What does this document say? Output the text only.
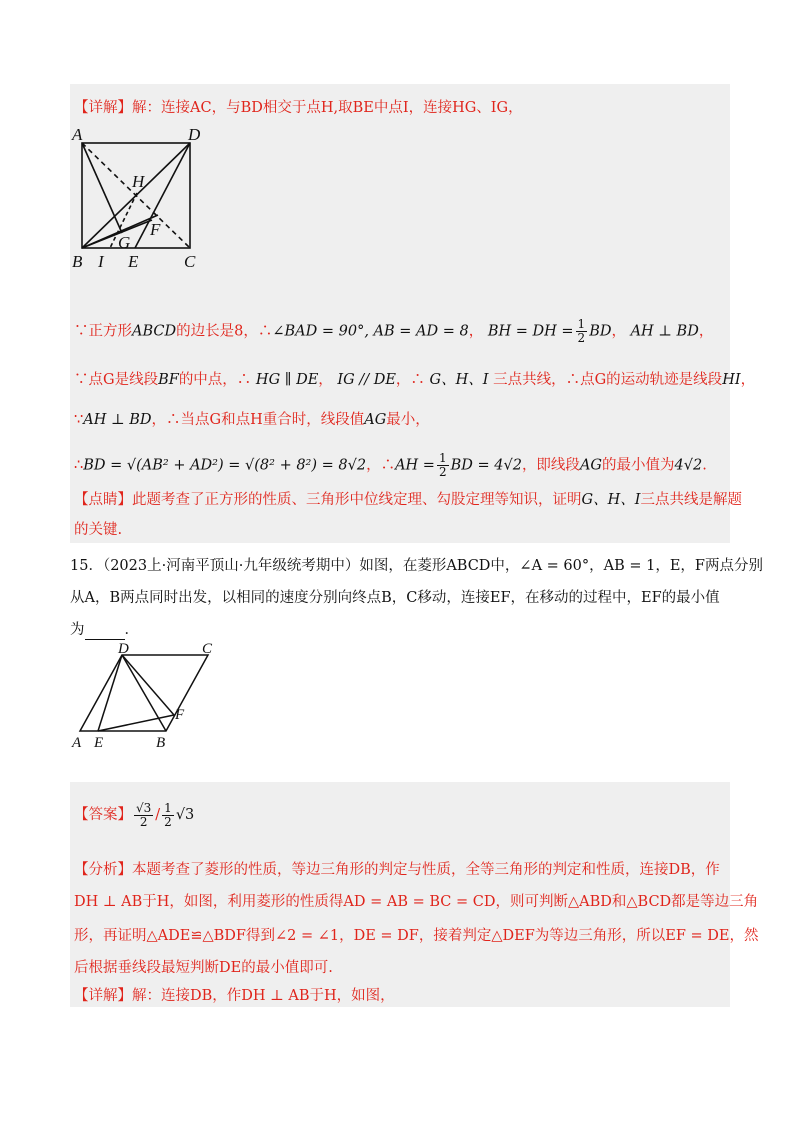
【详解】解：连接AC，与BD相交于点H,取BE中点I，连接HG、IG，
A	D
H
F
G
B I E	C
∵正方形ABCD的边长是8，∴∠BAD = 90°, AB = AD = 8， BH = DH = $\frac{1}{2}$ BD， AH ⊥ BD，
∵点G是线段BF的中点，∴ HG ∥ DE， IG // DE，∴ G、H、I 三点共线，∴点G的运动轨迹是线段HI，
∵AH ⊥ BD，∴当点G和点H重合时，线段值AG最小，
∴BD = √(AB² + AD²) = √(8² + 8²) = 8√2，∴AH = $\frac{1}{2}$ BD = 4√2，即线段AG的最小值为4√2.
【点睛】此题考查了正方形的性质、三角形中位线定理、勾股定理等知识，证明G、H、I三点共线是解题
的关键.
15．（2023上·河南平顶山·九年级统考期中）如图，在菱形ABCD中，∠A = 60°，AB = 1，E，F两点分别
从A，B两点同时出发，以相同的速度分别向终点B，C移动，连接EF，在移动的过程中，EF的最小值
为	．
D	C
F
A E	B
【答案】 $\frac{√3}{2} / \frac{1}{2} √3$
【分析】本题考查了菱形的性质，等边三角形的判定与性质，全等三角形的判定和性质，连接DB，作
DH ⊥ AB于H，如图，利用菱形的性质得AD = AB = BC = CD，则可判断△ABD和△BCD都是等边三角
形，再证明△ADE≌△BDF得到∠2 = ∠1，DE = DF，接着判定△DEF为等边三角形，所以EF = DE，然
后根据垂线段最短判断DE的最小值即可.
【详解】解：连接DB，作DH ⊥ AB于H，如图，
